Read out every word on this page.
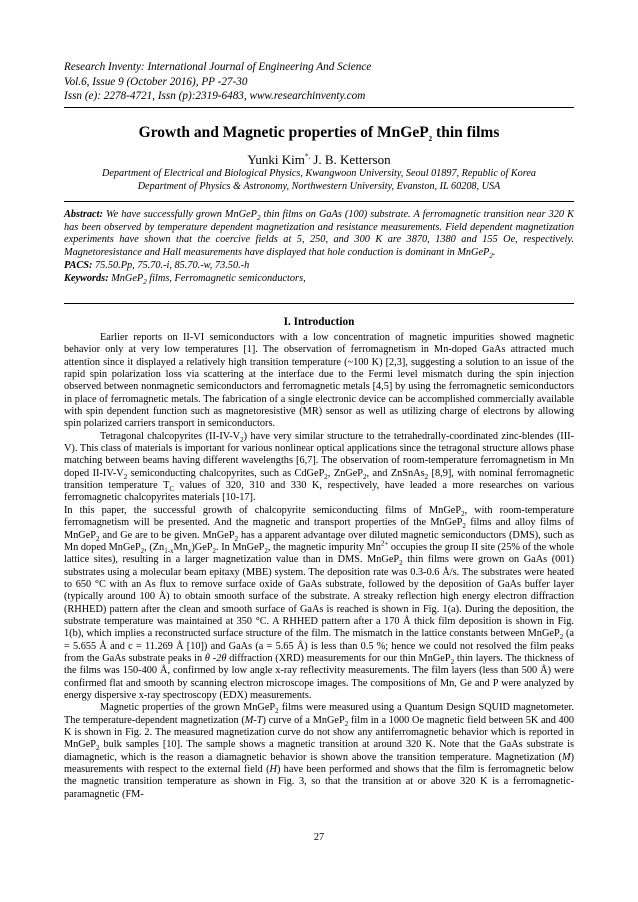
Research Inventy: International Journal of Engineering And Science
Vol.6, Issue 9 (October 2016), PP -27-30
Issn (e): 2278-4721, Issn (p):2319-6483, www.researchinventy.com
Growth and Magnetic properties of MnGeP$_2$ thin films
Yunki Kim*, J. B. Ketterson
Department of Electrical and Biological Physics, Kwangwoon University, Seoul 01897, Republic of Korea
Department of Physics & Astronomy, Northwestern University, Evanston, IL 60208, USA
Abstract: We have successfully grown MnGeP$_2$ thin films on GaAs (100) substrate. A ferromagnetic transition near 320 K has been observed by temperature dependent magnetization and resistance measurements. Field dependent magnetization experiments have shown that the coercive fields at 5, 250, and 300 K are 3870, 1380 and 155 Oe, respectively. Magnetoresistance and Hall measurements have displayed that hole conduction is dominant in MnGeP$_2$.
PACS: 75.50.Pp, 75.70.-i, 85.70.-w, 73.50.-h
Keywords: MnGeP$_2$ films, Ferromagnetic semiconductors,
I. Introduction

Earlier reports on II-VI semiconductors with a low concentration of magnetic impurities showed magnetic behavior only at very low temperatures [1]. The observation of ferromagnetism in Mn-doped GaAs attracted much attention since it displayed a relatively high transition temperature (~100 K) [2,3], suggesting a solution to an issue of the rapid spin polarization loss via scattering at the interface due to the Fermi level mismatch during the spin injection observed between nonmagnetic semiconductors and ferromagnetic metals [4,5] by using the ferromagnetic semiconductors in place of ferromagnetic metals. The fabrication of a single electronic device can be accomplished commercially available with spin dependent function such as magnetoresistive (MR) sensor as well as utilizing charge of electrons by allowing spin polarized carriers transport in semiconductors.

Tetragonal chalcopyrites $(II-IV-V_2)$ have very similar structure to the tetrahedrally-coordinated zinc-blendes (III-V). This class of materials is important for various nonlinear optical applications since the tetragonal structure allows phase matching between beams having different wavelengths [6,7]. The observation of room-temperature ferromagnetism in Mn doped $II-IV-V_2$ semiconducting chalcopyrites, such as CdGeP$_2$, ZnGeP$_2$, and ZnSnAs$_2$ [8,9], with nominal ferromagnetic transition temperature $T_C$ values of 320, 310 and 330 K, respectively, have leaded a more researches on various ferromagnetic chalcopyrites materials [10-17].

In this paper, the successful growth of chalcopyrite semiconducting films of MnGeP$_2$, with room-temperature ferromagnetism will be presented. And the magnetic and transport properties of the MnGeP$_2$ films and alloy films of MnGeP$_2$ and Ge are to be given. MnGeP$_2$ has a apparent advantage over diluted magnetic semiconductors (DMS), such as Mn doped MnGeP$_2$, $(Zn_{1-x}Mn_x)GeP_2$. In MnGeP$_2$, the magnetic impurity $Mn^{2+}$ occupies the group II site (25% of the whole lattice sites), resulting in a larger magnetization value than in DMS. MnGeP$_2$ thin films were grown on GaAs (001) substrates using a molecular beam epitaxy (MBE) system. The deposition rate was 0.3-0.6 Å/s. The substrates were heated to 650 °C with an As flux to remove surface oxide of GaAs substrate, followed by the deposition of GaAs buffer layer (typically around 100 Å) to obtain smooth surface of the substrate. A streaky reflection high energy electron diffraction (RHHED) pattern after the clean and smooth surface of GaAs is reached is shown in Fig. 1(a). During the deposition, the substrate temperature was maintained at 350 °C. A RHHED pattern after a 170 Å thick film deposition is shown in Fig. 1(b), which implies a reconstructed surface structure of the film. The mismatch in the lattice constants between MnGeP$_2$ (a = 5.655 Å and c = 11.269 Å [10]) and GaAs (a = 5.65 Å) is less than 0.5 %; hence we could not resolved the film peaks from the GaAs substrate peaks in θ -2θ diffraction (XRD) measurements for our thin MnGeP$_2$ thin layers. The thickness of the films was 150-400 Å, confirmed by low angle x-ray reflectivity measurements. The film layers (less than 500 Å) were confirmed flat and smooth by scanning electron microscope images. The compositions of Mn, Ge and P were analyzed by energy dispersive x-ray spectroscopy (EDX) measurements.

Magnetic properties of the grown MnGeP$_2$ films were measured using a Quantum Design SQUID magnetometer. The temperature-dependent magnetization (M-T) curve of a MnGeP$_2$ film in a 1000 Oe magnetic field between 5K and 400 K is shown in Fig. 2. The measured magnetization curve do not show any antiferromagnetic behavior which is reported in MnGeP$_2$ bulk samples [10]. The sample shows a magnetic transition at around 320 K. Note that the GaAs substrate is diamagnetic, which is the reason a diamagnetic behavior is shown above the transition temperature. Magnetization (M) measurements with respect to the external field (H) have been performed and shows that the film is ferromagnetic below the magnetic transition temperature as shown in Fig. 3, so that the transition at or above 320 K is a ferromagnetic-paramagnetic (FM-

27
